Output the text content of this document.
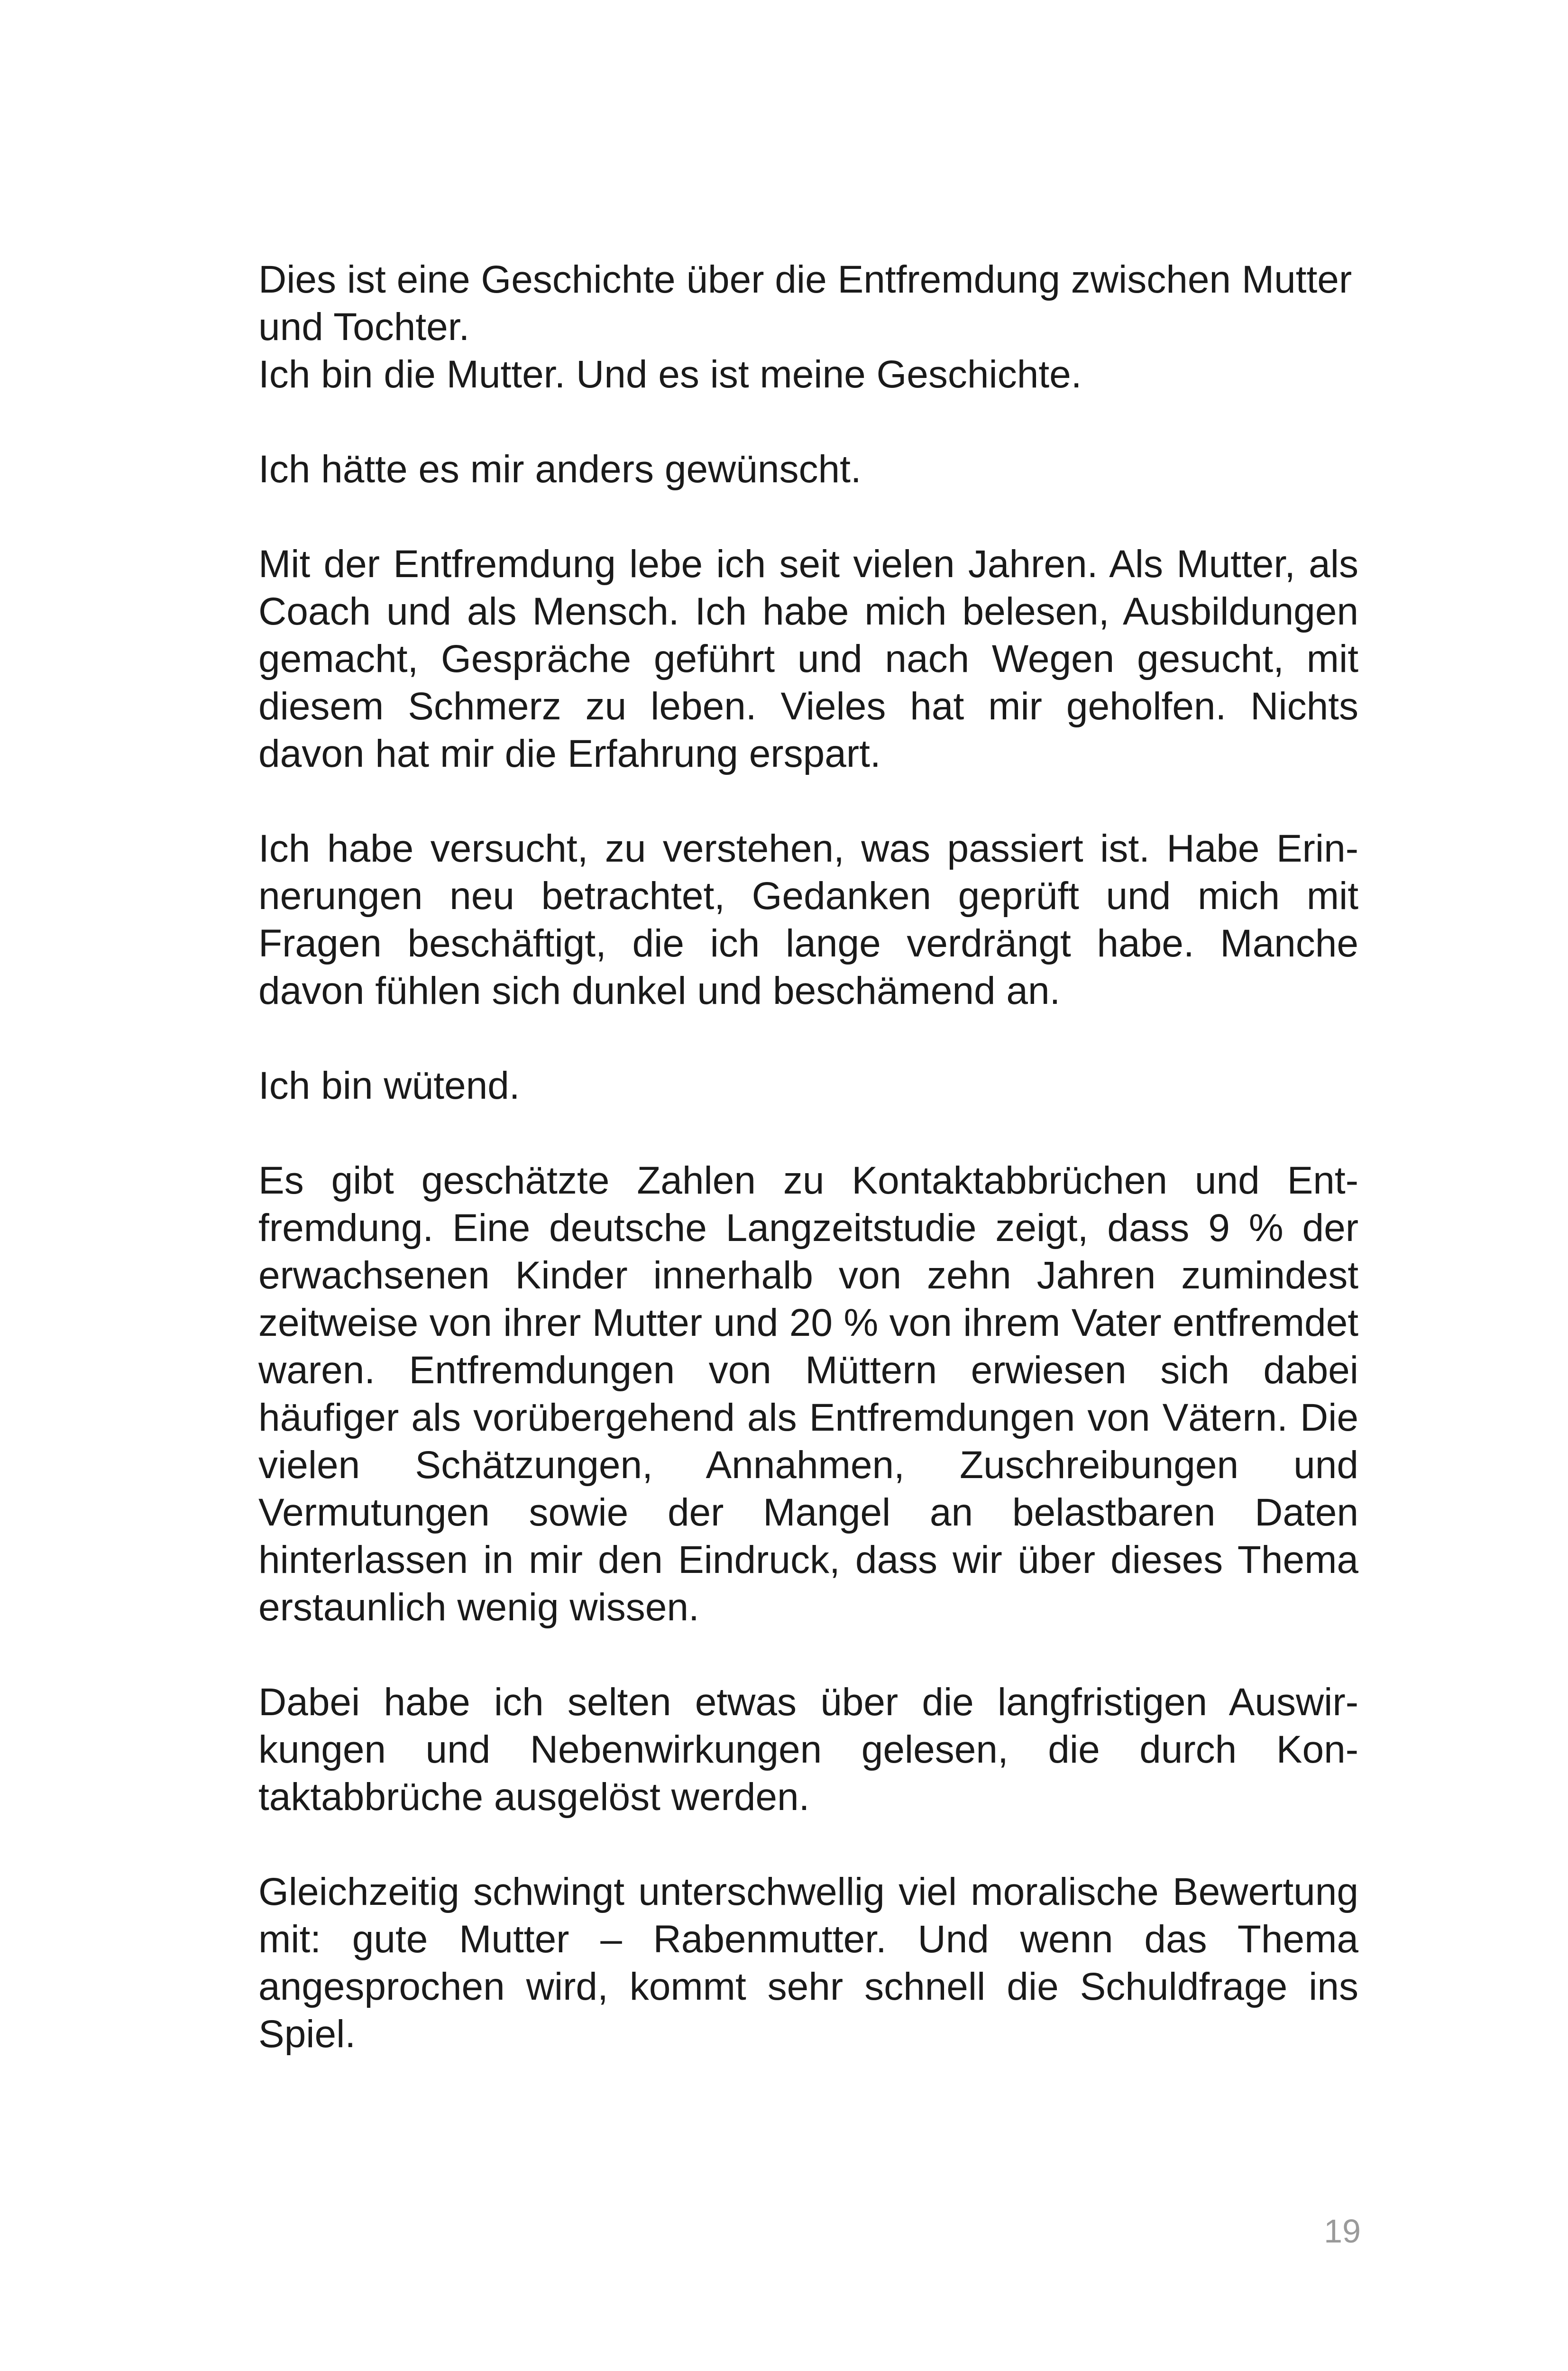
Dies ist eine Geschichte über die Entfremdung zwischen Mutter und Tochter.
Ich bin die Mutter. Und es ist meine Geschichte.

Ich hätte es mir anders gewünscht.

Mit der Entfremdung lebe ich seit vielen Jahren. Als Mutter, als Coach und als Mensch. Ich habe mich belesen, Ausbildungen gemacht, Gespräche geführt und nach Wegen gesucht, mit diesem Schmerz zu leben. Vieles hat mir geholfen. Nichts davon hat mir die Erfahrung erspart.

Ich habe versucht, zu verstehen, was passiert ist. Habe Erinnerungen neu betrachtet, Gedanken geprüft und mich mit Fragen beschäftigt, die ich lange verdrängt habe. Manche davon fühlen sich dunkel und beschämend an.

Ich bin wütend.

Es gibt geschätzte Zahlen zu Kontaktabbrüchen und Entfremdung. Eine deutsche Langzeitstudie zeigt, dass 9 % der erwachsenen Kinder innerhalb von zehn Jahren zumindest zeitweise von ihrer Mutter und 20 % von ihrem Vater entfremdet waren. Entfremdungen von Müttern erwiesen sich dabei häufiger als vorübergehend als Entfremdungen von Vätern. Die vielen Schätzungen, Annahmen, Zuschreibungen und Vermutungen sowie der Mangel an belastbaren Daten hinterlassen in mir den Eindruck, dass wir über dieses Thema erstaunlich wenig wissen.

Dabei habe ich selten etwas über die langfristigen Auswirkungen und Nebenwirkungen gelesen, die durch Kontaktabbrüche ausgelöst werden.

Gleichzeitig schwingt unterschwellig viel moralische Bewertung mit: gute Mutter – Rabenmutter. Und wenn das Thema angesprochen wird, kommt sehr schnell die Schuldfrage ins Spiel.

19
